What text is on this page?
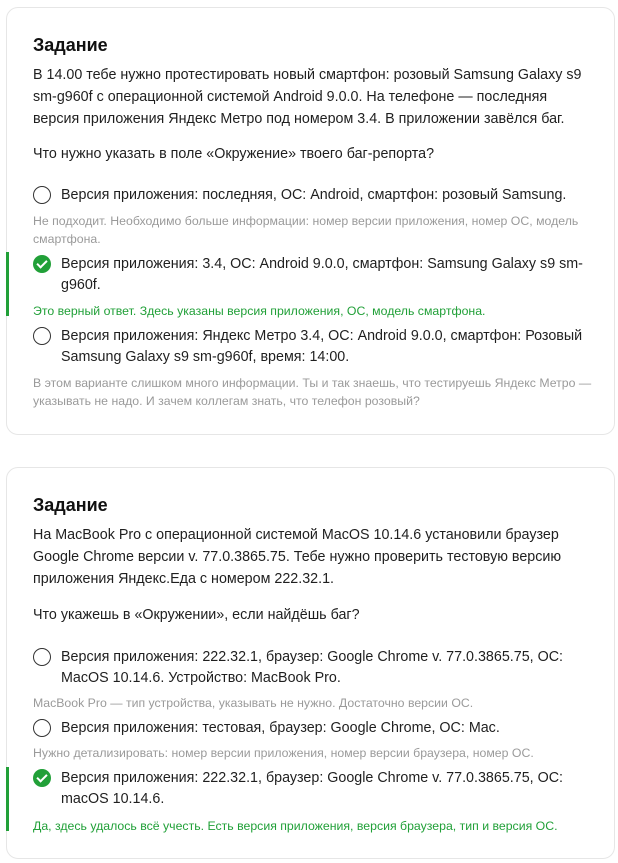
Задание
В 14.00 тебе нужно протестировать новый смартфон: розовый Samsung Galaxy s9 sm-g960f с операционной системой Android 9.0.0. На телефоне — последняя версия приложения Яндекс Метро под номером 3.4. В приложении завёлся баг.
Что нужно указать в поле «Окружение» твоего баг-репорта?
Версия приложения: последняя, ОС: Android, смартфон: розовый Samsung.
Не подходит. Необходимо больше информации: номер версии приложения, номер ОС, модель смартфона.
Версия приложения: 3.4, ОС: Android 9.0.0, смартфон: Samsung Galaxy s9 sm-g960f.
Это верный ответ. Здесь указаны версия приложения, ОС, модель смартфона.
Версия приложения: Яндекс Метро 3.4, ОС: Android 9.0.0, смартфон: Розовый Samsung Galaxy s9 sm-g960f, время: 14:00.
В этом варианте слишком много информации. Ты и так знаешь, что тестируешь Яндекс Метро — указывать не надо. И зачем коллегам знать, что телефон розовый?
Задание
На MacBook Pro с операционной системой MacOS 10.14.6 установили браузер Google Chrome версии v. 77.0.3865.75. Тебе нужно проверить тестовую версию приложения Яндекс.Еда с номером 222.32.1.
Что укажешь в «Окружении», если найдёшь баг?
Версия приложения: 222.32.1, браузер: Google Chrome v. 77.0.3865.75, ОС: MacOS 10.14.6. Устройство: MacBook Pro.
MacBook Pro — тип устройства, указывать не нужно. Достаточно версии ОС.
Версия приложения: тестовая, браузер: Google Chrome, ОС: Mac.
Нужно детализировать: номер версии приложения, номер версии браузера, номер ОС.
Версия приложения: 222.32.1, браузер: Google Chrome v. 77.0.3865.75, ОС: macOS 10.14.6.
Да, здесь удалось всё учесть. Есть версия приложения, версия браузера, тип и версия ОС.
